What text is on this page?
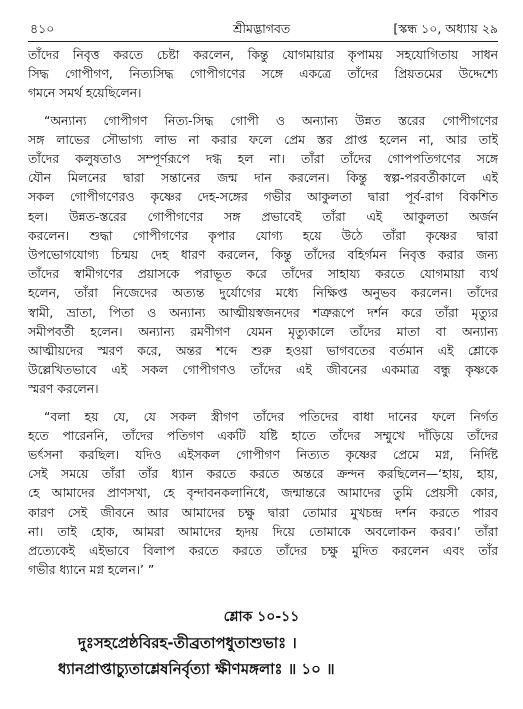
৪১০	শ্রীমদ্ভাগবত	[স্কন্ধ ১০, অধ্যায় ২৯

তাঁদের নিবৃত্ত করতে চেষ্টা করলেন, কিন্তু যোগমায়ার কৃপাময় সহযোগিতায় সাধন
সিদ্ধ গোপীগণ, নিত্যসিদ্ধ গোপীগণের সঙ্গে একত্রে তাঁদের প্রিয়তমের উদ্দেশ্যে
গমনে সমর্থ হয়েছিলেন।

“অন্যান্য গোপীগণ নিত্য-সিদ্ধ গোপী ও অন্যান্য উন্নত স্তরের গোপীগণের
সঙ্গ লাভের সৌভাগ্য লাভ না করার ফলে প্রেম স্তর প্রাপ্ত হলেন না, আর তাই
তাঁদের কলুষতাও সম্পূর্ণরূপে দগ্ধ হল না। তাঁরা তাঁদের গোপপতিগণের সঙ্গে
যৌন মিলনের দ্বারা সন্তানের জন্ম দান করলেন। কিন্তু স্বল্প-পরবর্তীকালে এই
সকল গোপীগণেরও কৃষ্ণের দেহ-সঙ্গের গভীর আকুলতা দ্বারা পূর্ব-রাগ বিকশিত
হল। উন্নত-স্তরের গোপীগণের সঙ্গ প্রভাবেই তাঁরা এই আকুলতা অর্জন
করলেন। শুদ্ধা গোপীগণের কৃপার যোগ্য হয়ে উঠে তাঁরা কৃষ্ণের দ্বারা
উপভোগযোগ্য চিন্ময় দেহ ধারণ করলেন, কিন্তু তাঁদের বহির্গমন নিবৃত্ত করার জন্য
তাঁদের স্বামীগণের প্রয়াসকে পরাভূত করে তাঁদের সাহায্য করতে যোগমায়া ব্যর্থ
হলেন, তাঁরা নিজেদের অত্যন্ত দুর্যোগের মধ্যে নিক্ষিপ্ত অনুভব করলেন। তাঁদের
স্বামী, ভ্রাতা, পিতা ও অন্যান্য আত্মীয়স্বজনদের শত্রুরূপে দর্শন করে তাঁরা মৃত্যুর
সমীপবর্তী হলেন। অন্যান্য রমণীগণ যেমন মৃত্যুকালে তাঁদের মাতা বা অন্যান্য
আত্মীয়দের স্মরণ করে, অন্তর শব্দে শুরু হওয়া ভাগবতের বর্তমান এই শ্লোকে
উল্লেখিতভাবে এই সকল গোপীগণও তাঁদের এই জীবনের একমাত্র বন্ধু কৃষ্ণকে
স্মরণ করলেন।

“বলা হয় যে, যে সকল স্ত্রীগণ তাঁদের পতিদের বাধা দানের ফলে নির্গত
হতে পারেননি, তাঁদের পতিগণ একটি যষ্টি হাতে তাঁদের সম্মুখে দাঁড়িয়ে তাঁদের
ভর্ৎসনা করছিল। যদিও এইসকল গোপীগণ নিত্যত কৃষ্ণের প্রেমে মগ্ন, নির্দিষ্ট
সেই সময়ে তাঁরা তাঁর ধ্যান করতে করতে অন্তরে ক্রন্দন করছিলেন—‘হায়, হায়,
হে আমাদের প্রাণসখা, হে বৃন্দাবনকলানিধে, জন্মান্তরে আমাদের তুমি প্রেয়সী কোর,
কারণ সেই জীবনে আর আমাদের চক্ষু দ্বারা তোমার মুখচন্দ্র দর্শন করতে পারব
না। তাই হোক, আমরা আমাদের হৃদয় দিয়ে তোমাকে অবলোকন করব।’ তাঁরা
প্রত্যেকেই এইভাবে বিলাপ করতে করতে তাঁদের চক্ষু মুদিত করলেন এবং তাঁর
গভীর ধ্যানে মগ্ন হলেন।’ ”

শ্লোক ১০-১১
দুঃসহপ্রেষ্ঠবিরহ-তীব্রতাপধুতাশুভাঃ ।
ধ্যানপ্রাপ্তাচ্যুতাশ্লেষনির্বৃত্যা ক্ষীণমঙ্গলাঃ ॥ ১০ ॥
